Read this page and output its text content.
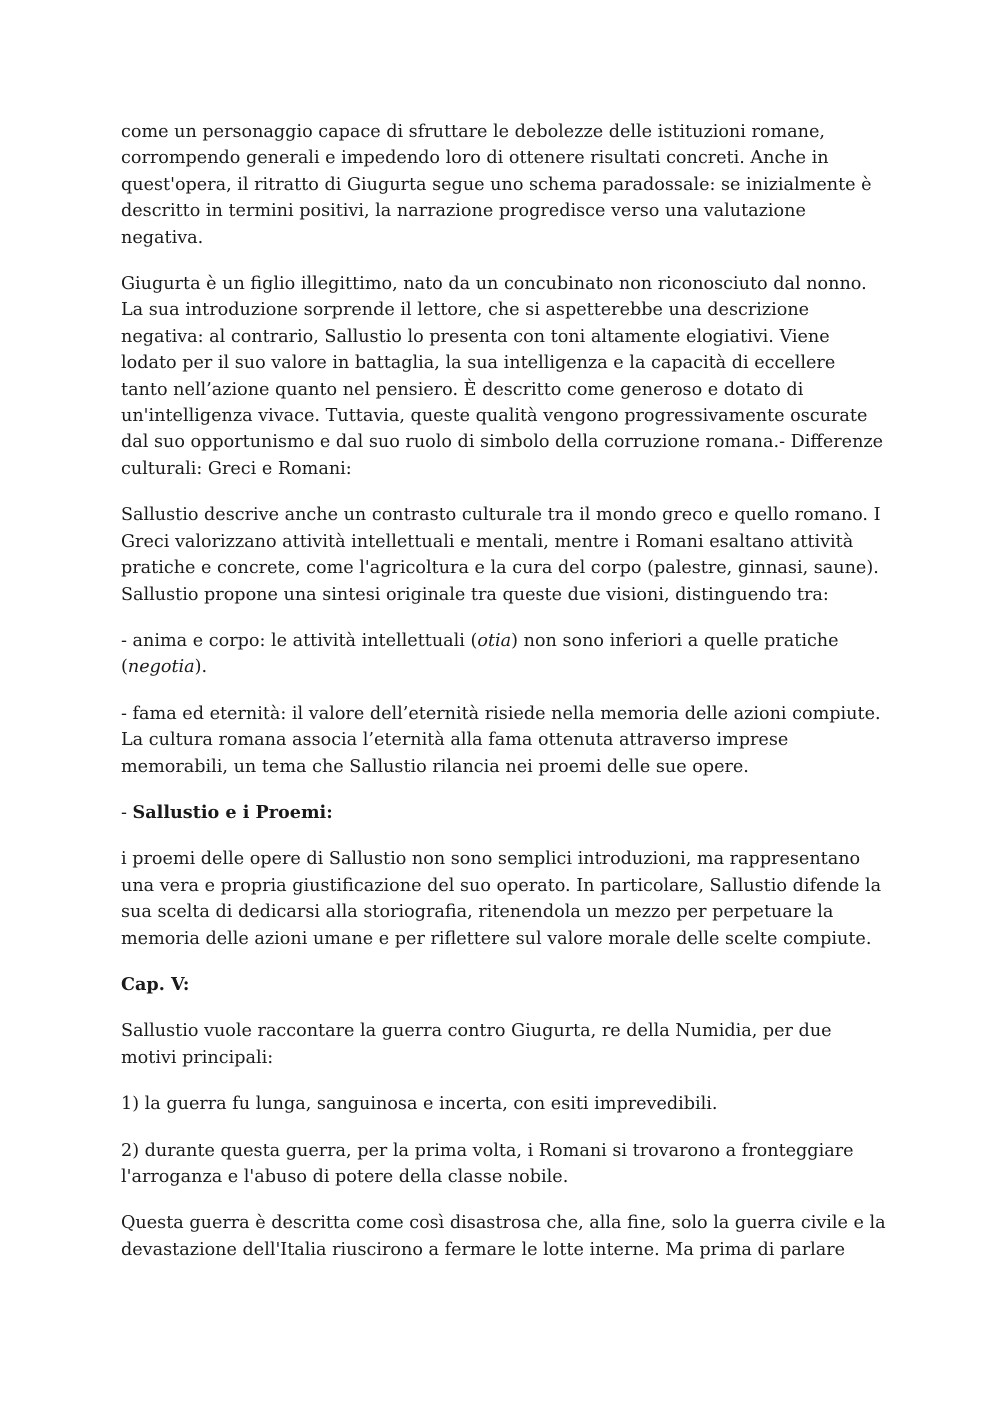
come un personaggio capace di sfruttare le debolezze delle istituzioni romane, corrompendo generali e impedendo loro di ottenere risultati concreti. Anche in quest'opera, il ritratto di Giugurta segue uno schema paradossale: se inizialmente è descritto in termini positivi, la narrazione progredisce verso una valutazione negativa.

Giugurta è un figlio illegittimo, nato da un concubinato non riconosciuto dal nonno. La sua introduzione sorprende il lettore, che si aspetterebbe una descrizione negativa: al contrario, Sallustio lo presenta con toni altamente elogiativi. Viene lodato per il suo valore in battaglia, la sua intelligenza e la capacità di eccellere tanto nell’azione quanto nel pensiero. È descritto come generoso e dotato di un'intelligenza vivace. Tuttavia, queste qualità vengono progressivamente oscurate dal suo opportunismo e dal suo ruolo di simbolo della corruzione romana.- Differenze culturali: Greci e Romani:

Sallustio descrive anche un contrasto culturale tra il mondo greco e quello romano. I Greci valorizzano attività intellettuali e mentali, mentre i Romani esaltano attività pratiche e concrete, come l'agricoltura e la cura del corpo (palestre, ginnasi, saune). Sallustio propone una sintesi originale tra queste due visioni, distinguendo tra:

- anima e corpo: le attività intellettuali (otia) non sono inferiori a quelle pratiche (negotia).

- fama ed eternità: il valore dell’eternità risiede nella memoria delle azioni compiute. La cultura romana associa l’eternità alla fama ottenuta attraverso imprese memorabili, un tema che Sallustio rilancia nei proemi delle sue opere.

- Sallustio e i Proemi:

i proemi delle opere di Sallustio non sono semplici introduzioni, ma rappresentano una vera e propria giustificazione del suo operato. In particolare, Sallustio difende la sua scelta di dedicarsi alla storiografia, ritenendola un mezzo per perpetuare la memoria delle azioni umane e per riflettere sul valore morale delle scelte compiute.

Cap. V:

Sallustio vuole raccontare la guerra contro Giugurta, re della Numidia, per due motivi principali:

1) la guerra fu lunga, sanguinosa e incerta, con esiti imprevedibili.

2) durante questa guerra, per la prima volta, i Romani si trovarono a fronteggiare l'arroganza e l'abuso di potere della classe nobile.

Questa guerra è descritta come così disastrosa che, alla fine, solo la guerra civile e la devastazione dell'Italia riuscirono a fermare le lotte interne. Ma prima di parlare
